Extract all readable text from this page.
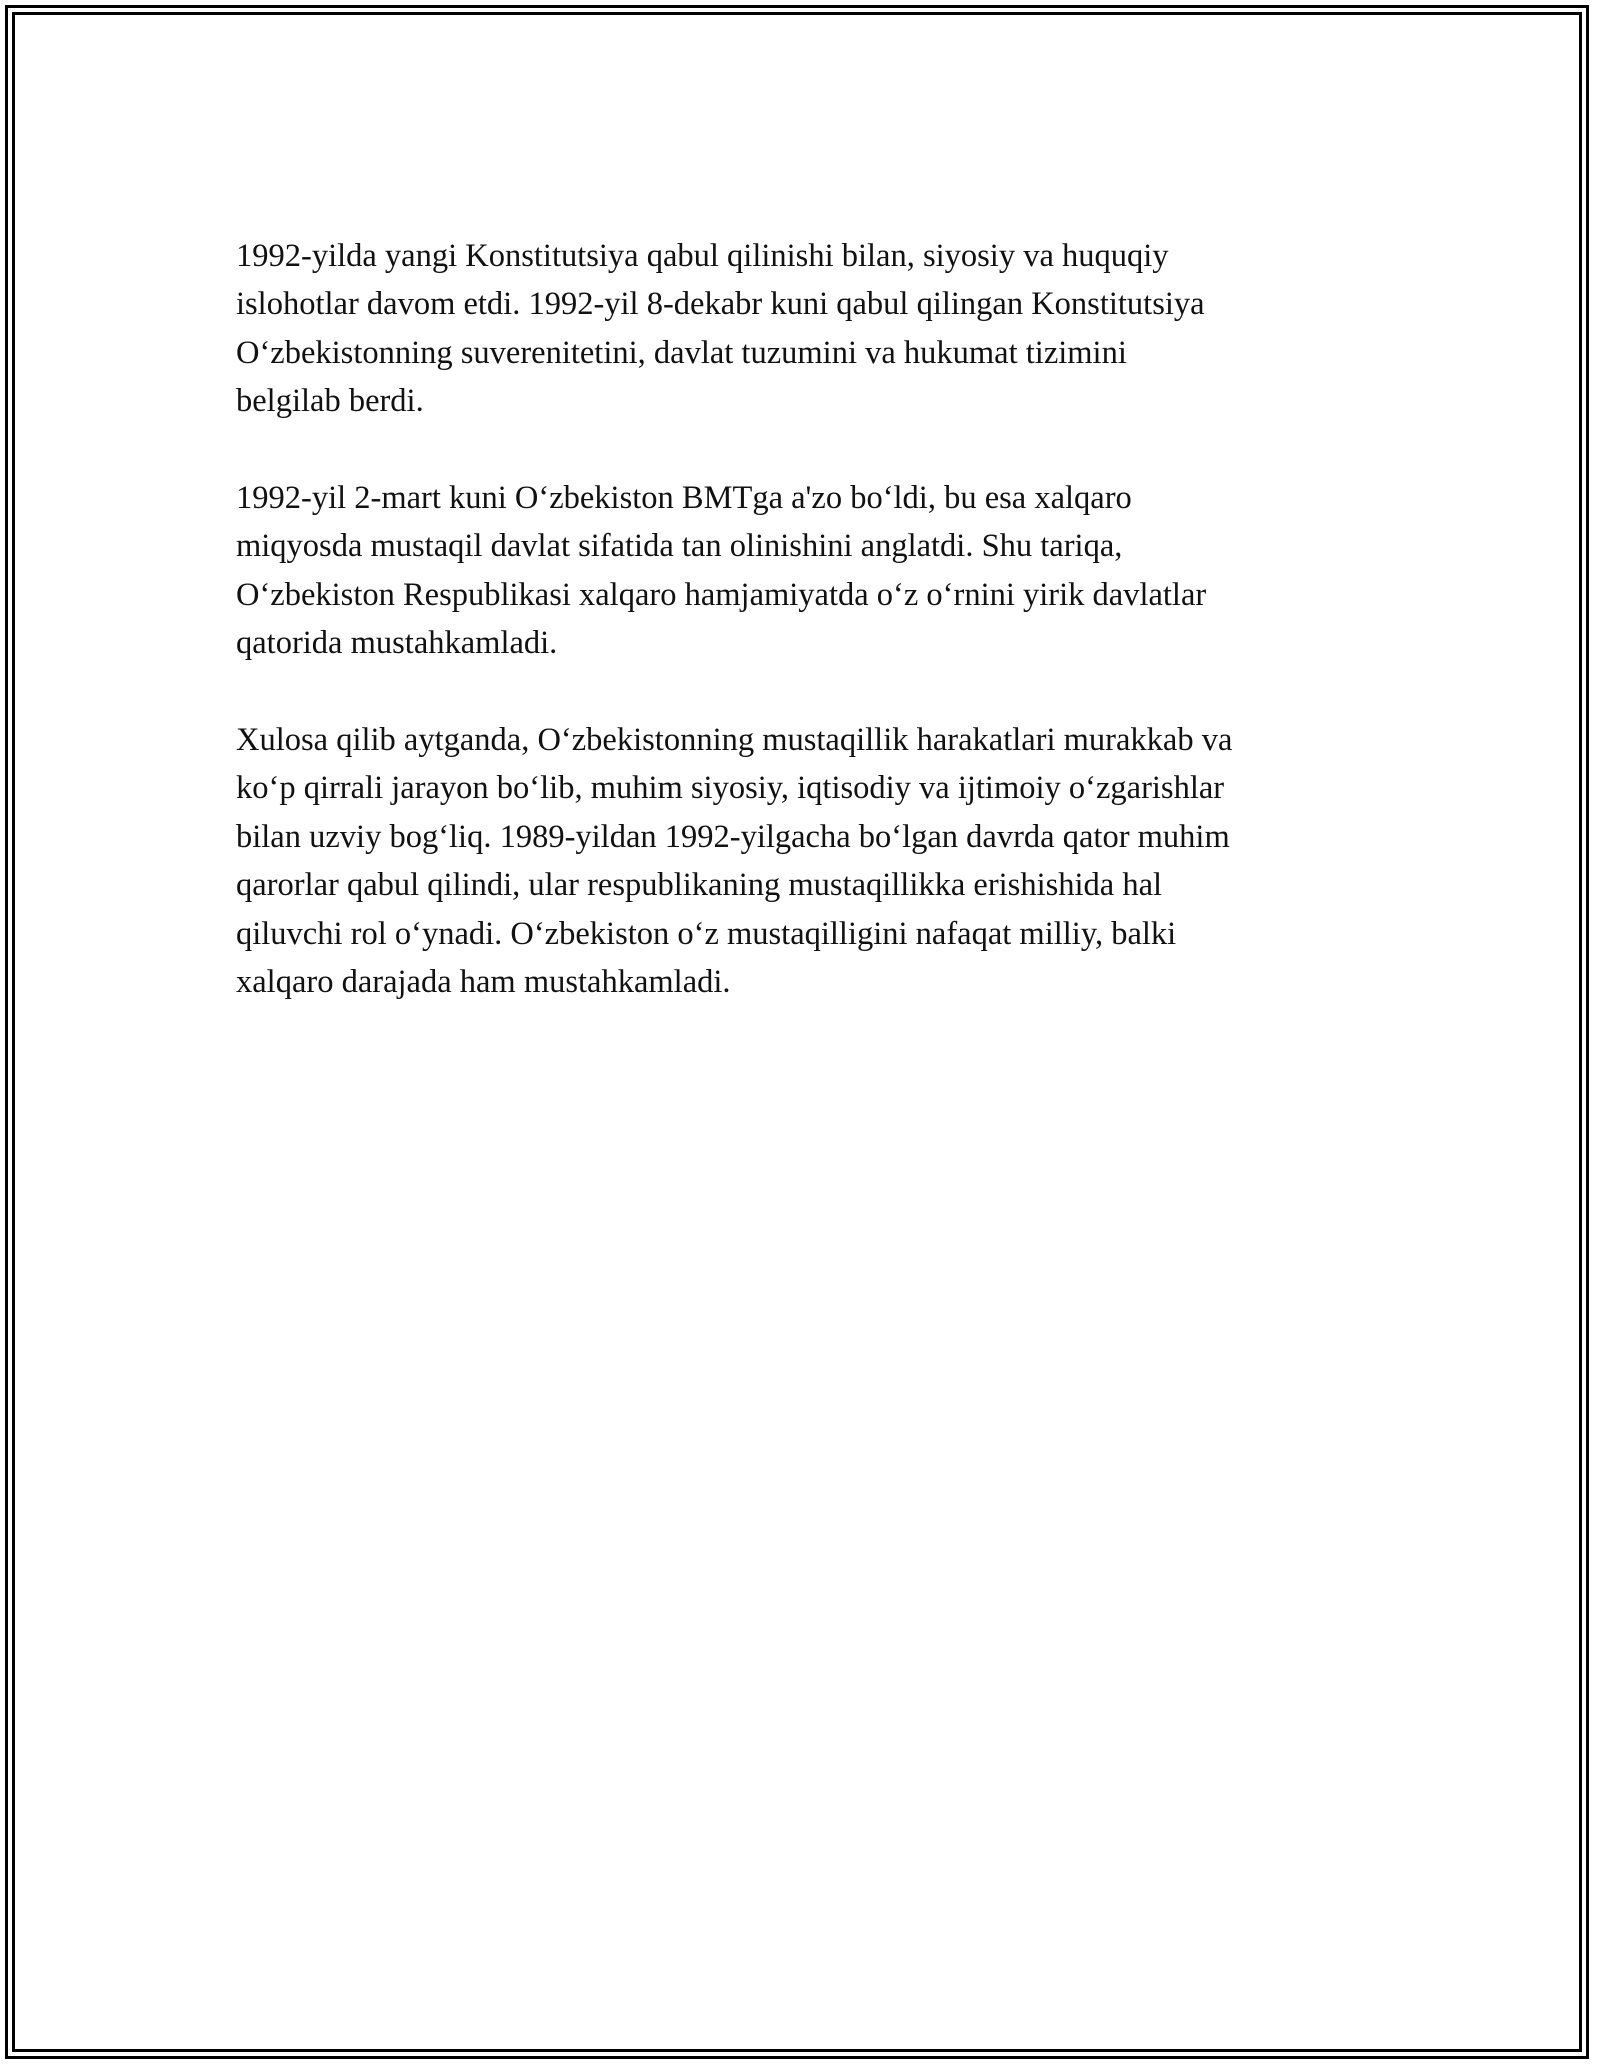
1992-yilda yangi Konstitutsiya qabul qilinishi bilan, siyosiy va huquqiy
islohotlar davom etdi. 1992-yil 8-dekabr kuni qabul qilingan Konstitutsiya
O‘zbekistonning suverenitetini, davlat tuzumini va hukumat tizimini
belgilab berdi.

1992-yil 2-mart kuni O‘zbekiston BMTga a'zo bo‘ldi, bu esa xalqaro
miqyosda mustaqil davlat sifatida tan olinishini anglatdi. Shu tariqa,
O‘zbekiston Respublikasi xalqaro hamjamiyatda o‘z o‘rnini yirik davlatlar
qatorida mustahkamladi.

Xulosa qilib aytganda, O‘zbekistonning mustaqillik harakatlari murakkab va
ko‘p qirrali jarayon bo‘lib, muhim siyosiy, iqtisodiy va ijtimoiy o‘zgarishlar
bilan uzviy bog‘liq. 1989-yildan 1992-yilgacha bo‘lgan davrda qator muhim
qarorlar qabul qilindi, ular respublikaning mustaqillikka erishishida hal
qiluvchi rol o‘ynadi. O‘zbekiston o‘z mustaqilligini nafaqat milliy, balki
xalqaro darajada ham mustahkamladi.
